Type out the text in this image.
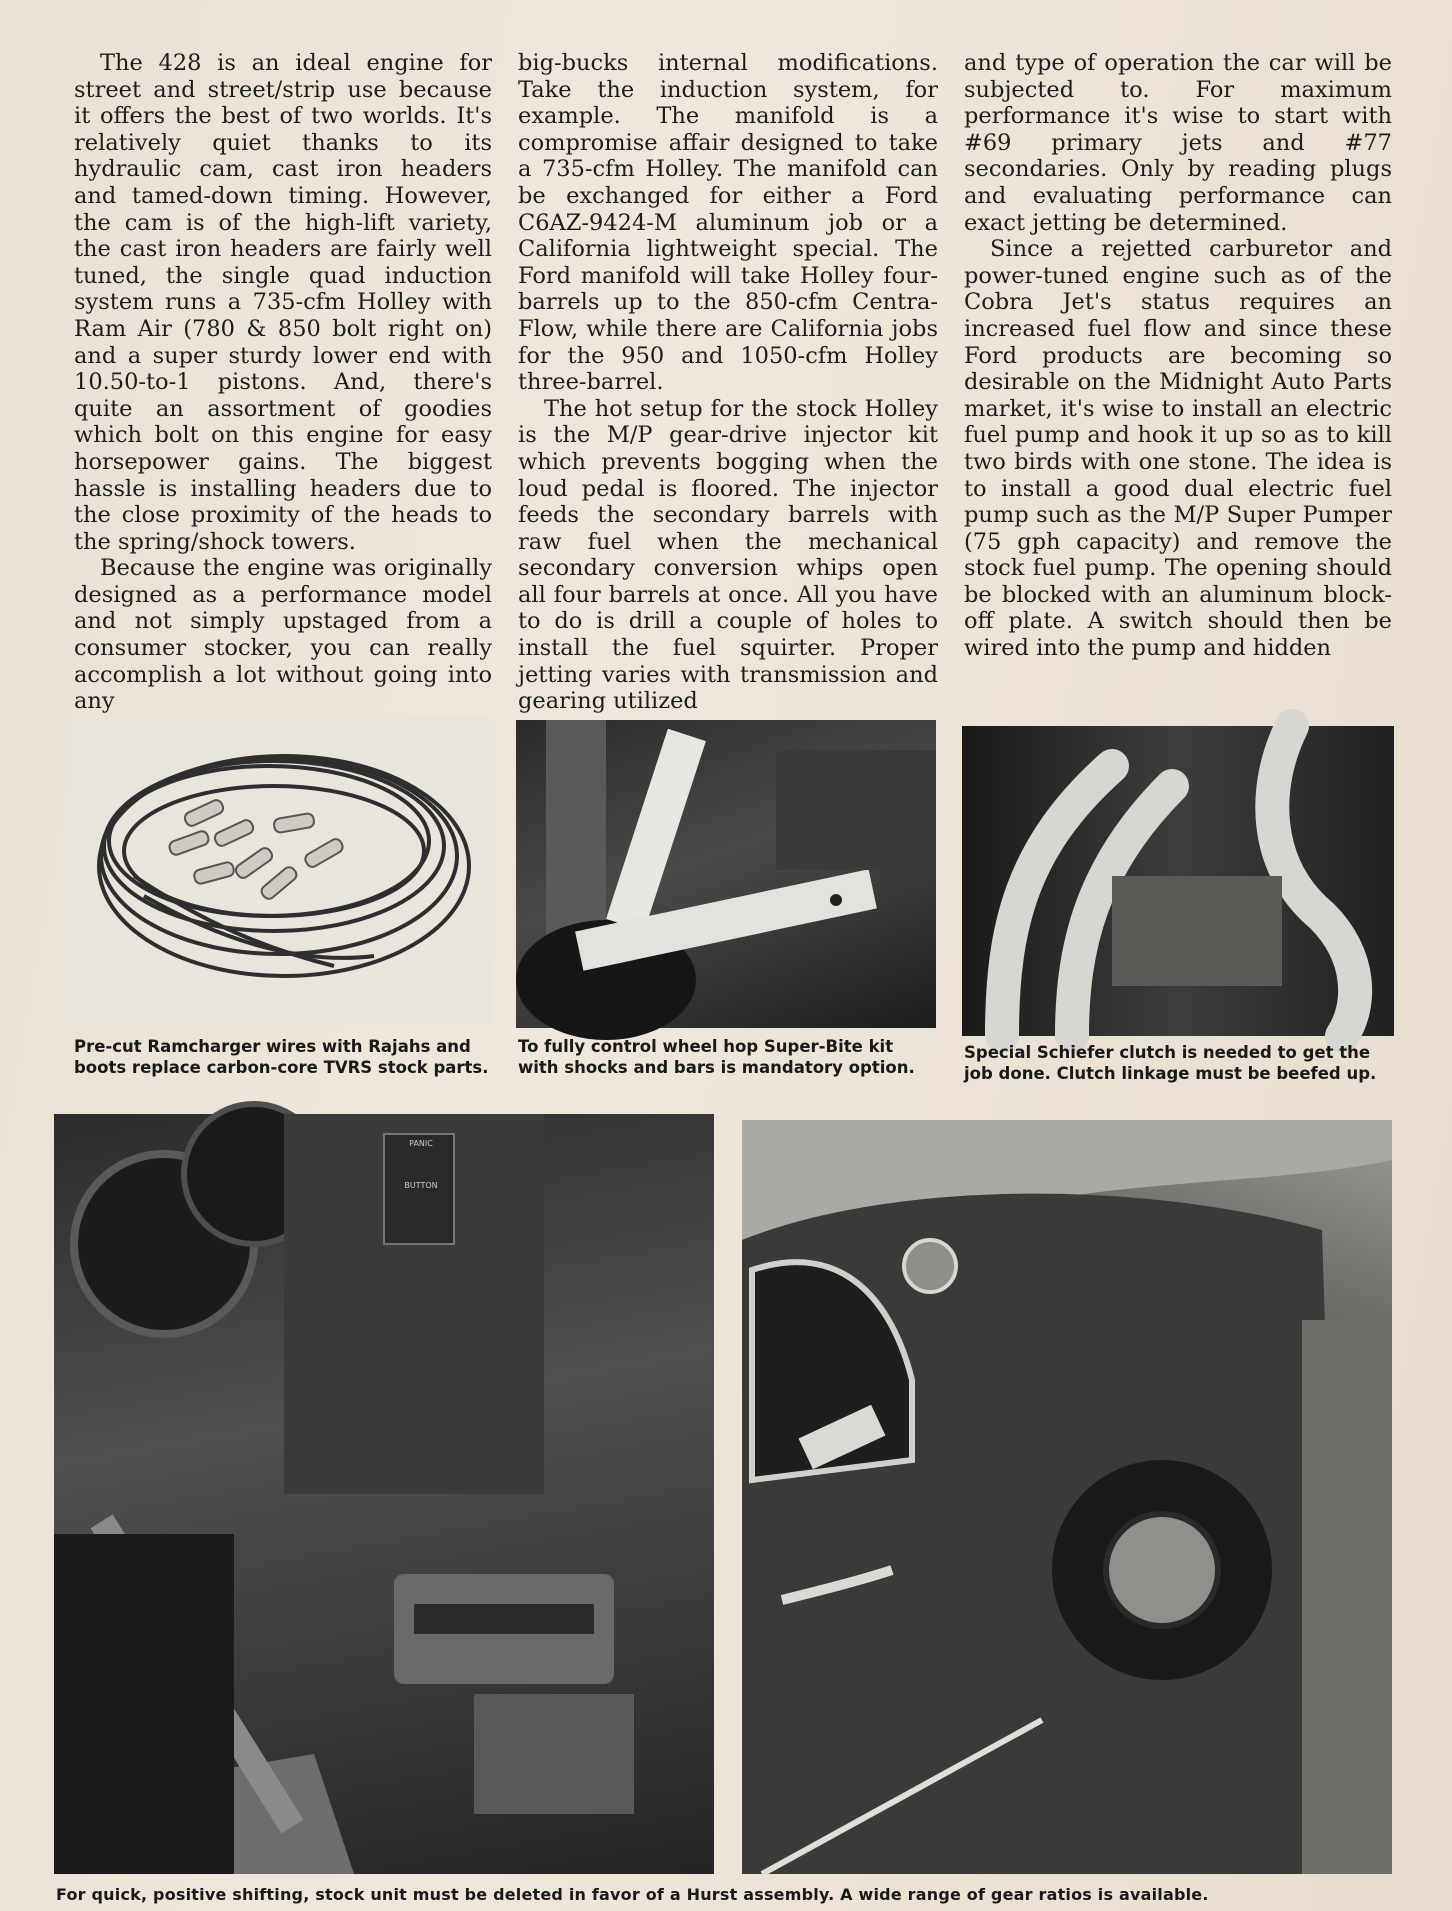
The 428 is an ideal engine for street and street/strip use because it offers the best of two worlds. It's relatively quiet thanks to its hydraulic cam, cast iron headers and tamed-down timing. However, the cam is of the high-lift variety, the cast iron headers are fairly well tuned, the single quad induction system runs a 735-cfm Holley with Ram Air (780 & 850 bolt right on) and a super sturdy lower end with 10.50-to-1 pistons. And, there's quite an assortment of goodies which bolt on this engine for easy horsepower gains. The biggest hassle is installing headers due to the close proximity of the heads to the spring/shock towers.

Because the engine was originally designed as a performance model and not simply upstaged from a consumer stocker, you can really accomplish a lot without going into any

big-bucks internal modifications. Take the induction system, for example. The manifold is a compromise affair designed to take a 735-cfm Holley. The manifold can be exchanged for either a Ford C6AZ-9424-M aluminum job or a California lightweight special. The Ford manifold will take Holley four-barrels up to the 850-cfm Centra-Flow, while there are California jobs for the 950 and 1050-cfm Holley three-barrel.

The hot setup for the stock Holley is the M/P gear-drive injector kit which prevents bogging when the loud pedal is floored. The injector feeds the secondary barrels with raw fuel when the mechanical secondary conversion whips open all four barrels at once. All you have to do is drill a couple of holes to install the fuel squirter. Proper jetting varies with transmission and gearing utilized

and type of operation the car will be subjected to. For maximum performance it's wise to start with #69 primary jets and #77 secondaries. Only by reading plugs and evaluating performance can exact jetting be determined.

Since a rejetted carburetor and power-tuned engine such as of the Cobra Jet's status requires an increased fuel flow and since these Ford products are becoming so desirable on the Midnight Auto Parts market, it's wise to install an electric fuel pump and hook it up so as to kill two birds with one stone. The idea is to install a good dual electric fuel pump such as the M/P Super Pumper (75 gph capacity) and remove the stock fuel pump. The opening should be blocked with an aluminum block-off plate. A switch should then be wired into the pump and hidden

Pre-cut Ramcharger wires with Rajahs and
boots replace carbon-core TVRS stock parts.
To fully control wheel hop Super-Bite kit
with shocks and bars is mandatory option.
Special Schiefer clutch is needed to get the
job done. Clutch linkage must be beefed up.
PANIC
BUTTON
For quick, positive shifting, stock unit must be deleted in favor of a Hurst assembly. A wide range of gear ratios is available.
